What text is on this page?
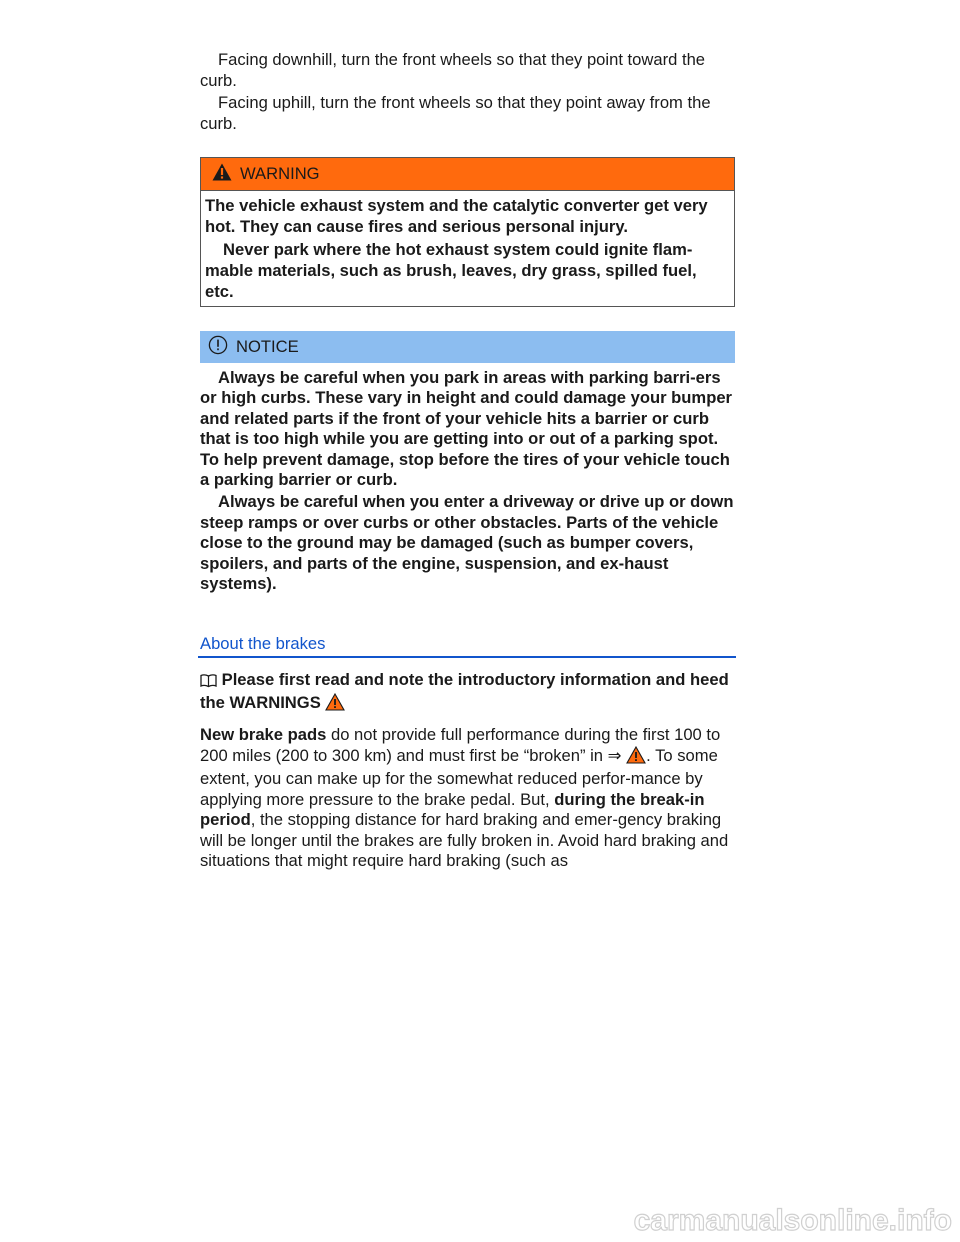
Facing downhill, turn the front wheels so that they point toward the curb.

Facing uphill, turn the front wheels so that they point away from the curb.

WARNING

The vehicle exhaust system and the catalytic converter get very hot. They can cause fires and serious personal injury.

Never park where the hot exhaust system could ignite flam-mable materials, such as brush, leaves, dry grass, spilled fuel, etc.

NOTICE

Always be careful when you park in areas with parking barri-ers or high curbs. These vary in height and could damage your bumper and related parts if the front of your vehicle hits a barrier or curb that is too high while you are getting into or out of a parking spot. To help prevent damage, stop before the tires of your vehicle touch a parking barrier or curb.

Always be careful when you enter a driveway or drive up or down steep ramps or over curbs or other obstacles. Parts of the vehicle close to the ground may be damaged (such as bumper covers, spoilers, and parts of the engine, suspension, and ex-haust systems).

About the brakes

Please first read and note the introductory information and heed the WARNINGS

New brake pads do not provide full performance during the first 100 to 200 miles (200 to 300 km) and must first be “broken” in ⇒ . To some extent, you can make up for the somewhat reduced perfor-mance by applying more pressure to the brake pedal. But, during the break-in period, the stopping distance for hard braking and emer-gency braking will be longer until the brakes are fully broken in. Avoid hard braking and situations that might require hard braking (such as

carmanualsonline.info
